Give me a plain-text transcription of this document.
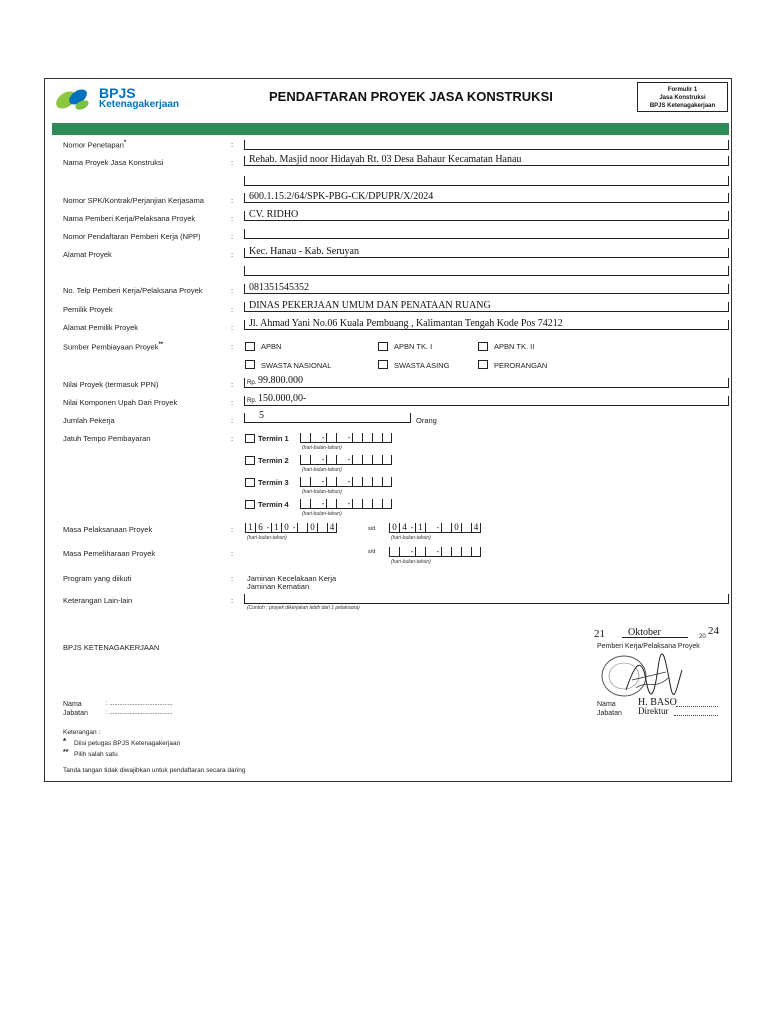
BPJS
Ketenagakerjaan
PENDAFTARAN PROYEK JASA KONSTRUKSI	Formulir 1
Jasa Konstruksi
BPJS Ketenagakerjaan
Nomor Penetapan*	:
Nama Proyek Jasa Konstruksi	: Rehab. Masjid noor Hidayah Rt. 03 Desa Bahaur Kecamatan Hanau
Nomor SPK/Kontrak/Perjanjian Kerjasama	: 600.1.15.2/64/SPK-PBG-CK/DPUPR/X/2024
Nama Pemberi Kerja/Pelaksana Proyek	: CV. RIDHO
Nomor Pendaftaran Pemberi Kerja (NPP)	:
Alamat Proyek	: Kec. Hanau - Kab. Seruyan
No. Telp Pemberi Kerja/Pelaksana Proyek	: 081351545352
Pemilik Proyek	: DINAS PEKERJAAN UMUM DAN PENATAAN RUANG
Alamat Pemilik Proyek	: Jl. Ahmad Yani No.06 Kuala Pembuang , Kalimantan Tengah Kode Pos 74212
Sumber Pembiayaan Proyek**	:	APBN	APBN TK. I	APBN TK. II
SWASTA NASIONAL	SWASTA ASING	PERORANGAN
Nilai Proyek (termasuk PPN)	: Rp. 99.800.000
Nilai Komponen Upah Dari Proyek	: Rp. 150.000,00-
Jumlah Pekerja	:	5	Orang
Jatuh Tempo Pembayaran	:	Termin 1	-	-
(hari-bulan-tahun)
Termin 2	-	-
(hari-bulan-tahun)
Termin 3	-	-
(hari-bulan-tahun)
Termin 4	-	-
(hari-bulan-tahun)
Masa Pelaksanaan Proyek	:	1 6 - 1 0 -	0	4
(hari-bulan-tahun)
s/d	0 4 - 1 -	0	4
(hari-bulan-tahun)
Masa Pemeliharaan Proyek	:	s/d	-	-
(hari-bulan-tahun)
Program yang diikuti	: Jaminan Kecelakaan Kerja
Jaminan Kematian
Keterangan Lain-lain	:
(Contoh : proyek dikerjakan lebih dari 1 pelaksana)
BPJS KETENAGAKERJAAN
21 Oktober	20 24
Pemberi Kerja/Pelaksana Proyek
Nama	: ......................................
Jabatan	: ......................................
Nama H. BASO
Jabatan Direktur
Keterangan :
* Diisi petugas BPJS Ketenagakerjaan
** Pilih salah satu
Tanda tangan tidak diwajibkan untuk pendaftaran secara daring
